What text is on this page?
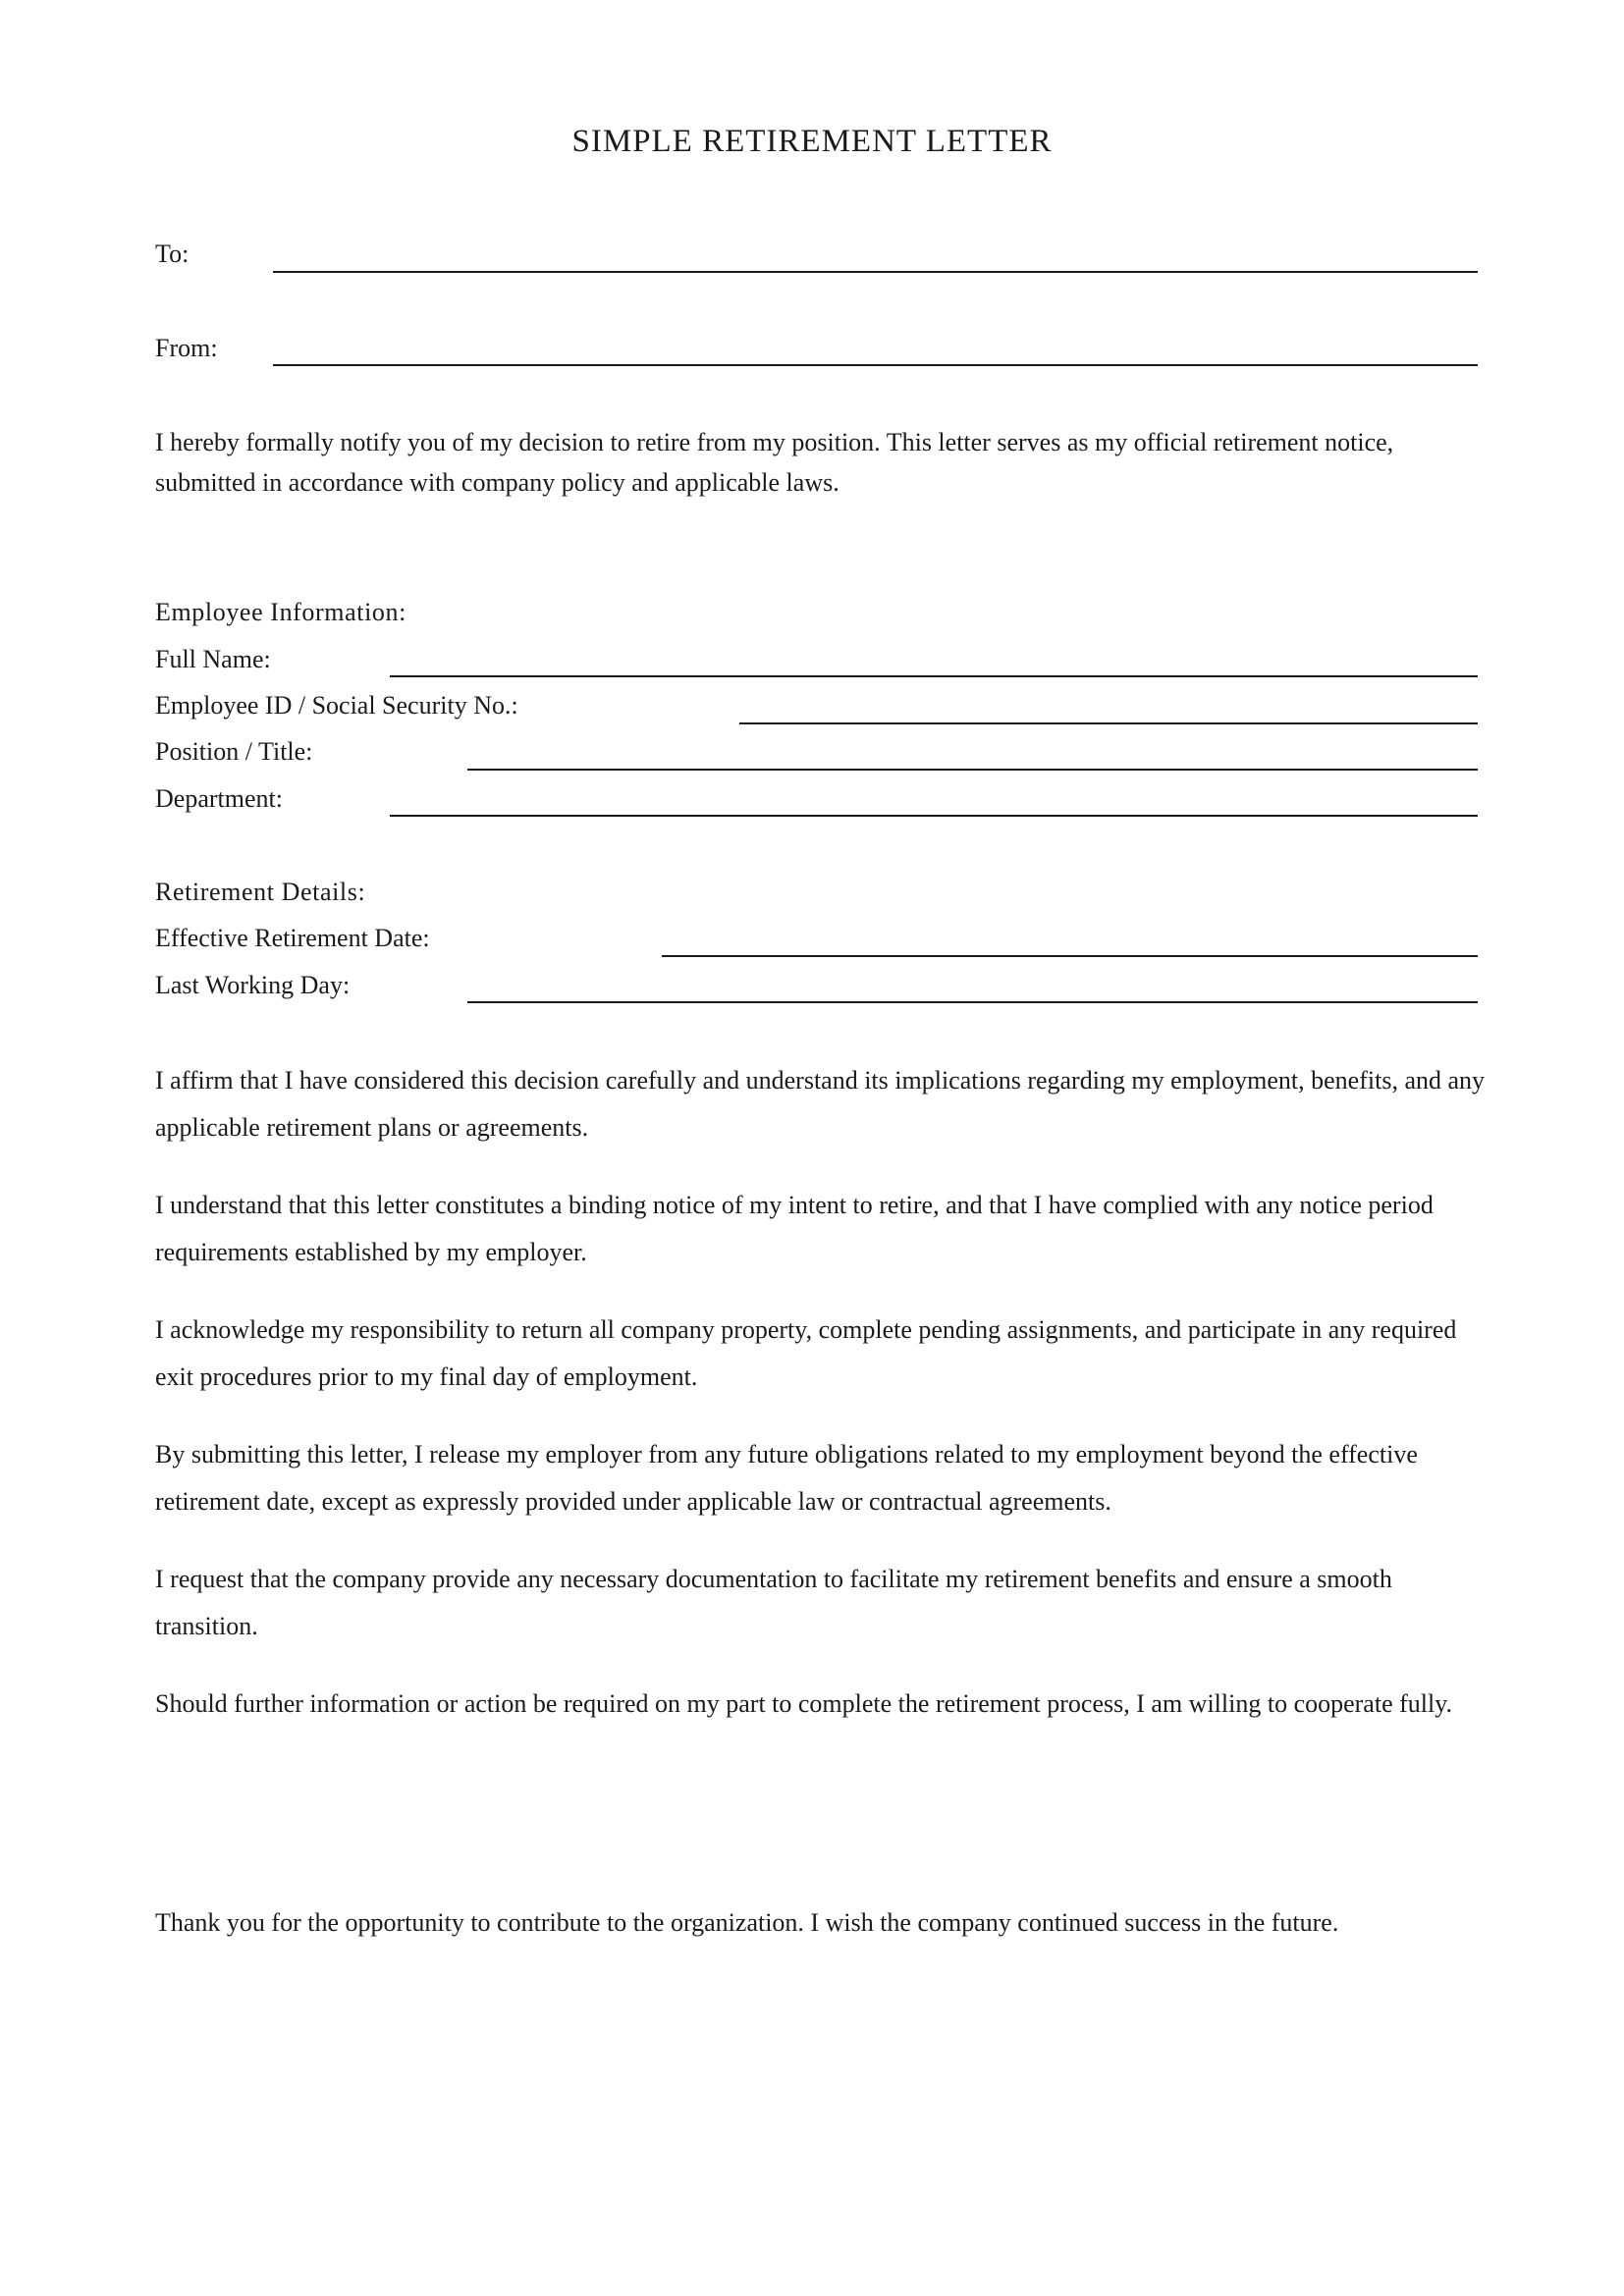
SIMPLE RETIREMENT LETTER
To:
From:

I hereby formally notify you of my decision to retire from my position. This letter serves as my official retirement notice, submitted in accordance with company policy and applicable laws.

Employee Information:
Full Name:
Employee ID / Social Security No.:
Position / Title:
Department:
Retirement Details:
Effective Retirement Date:
Last Working Day:

I affirm that I have considered this decision carefully and understand its implications regarding my employment, benefits, and any applicable retirement plans or agreements.

I understand that this letter constitutes a binding notice of my intent to retire, and that I have complied with any notice period requirements established by my employer.

I acknowledge my responsibility to return all company property, complete pending assignments, and participate in any required exit procedures prior to my final day of employment.

By submitting this letter, I release my employer from any future obligations related to my employment beyond the effective retirement date, except as expressly provided under applicable law or contractual agreements.

I request that the company provide any necessary documentation to facilitate my retirement benefits and ensure a smooth transition.

Should further information or action be required on my part to complete the retirement process, I am willing to cooperate fully.

Thank you for the opportunity to contribute to the organization. I wish the company continued success in the future.
